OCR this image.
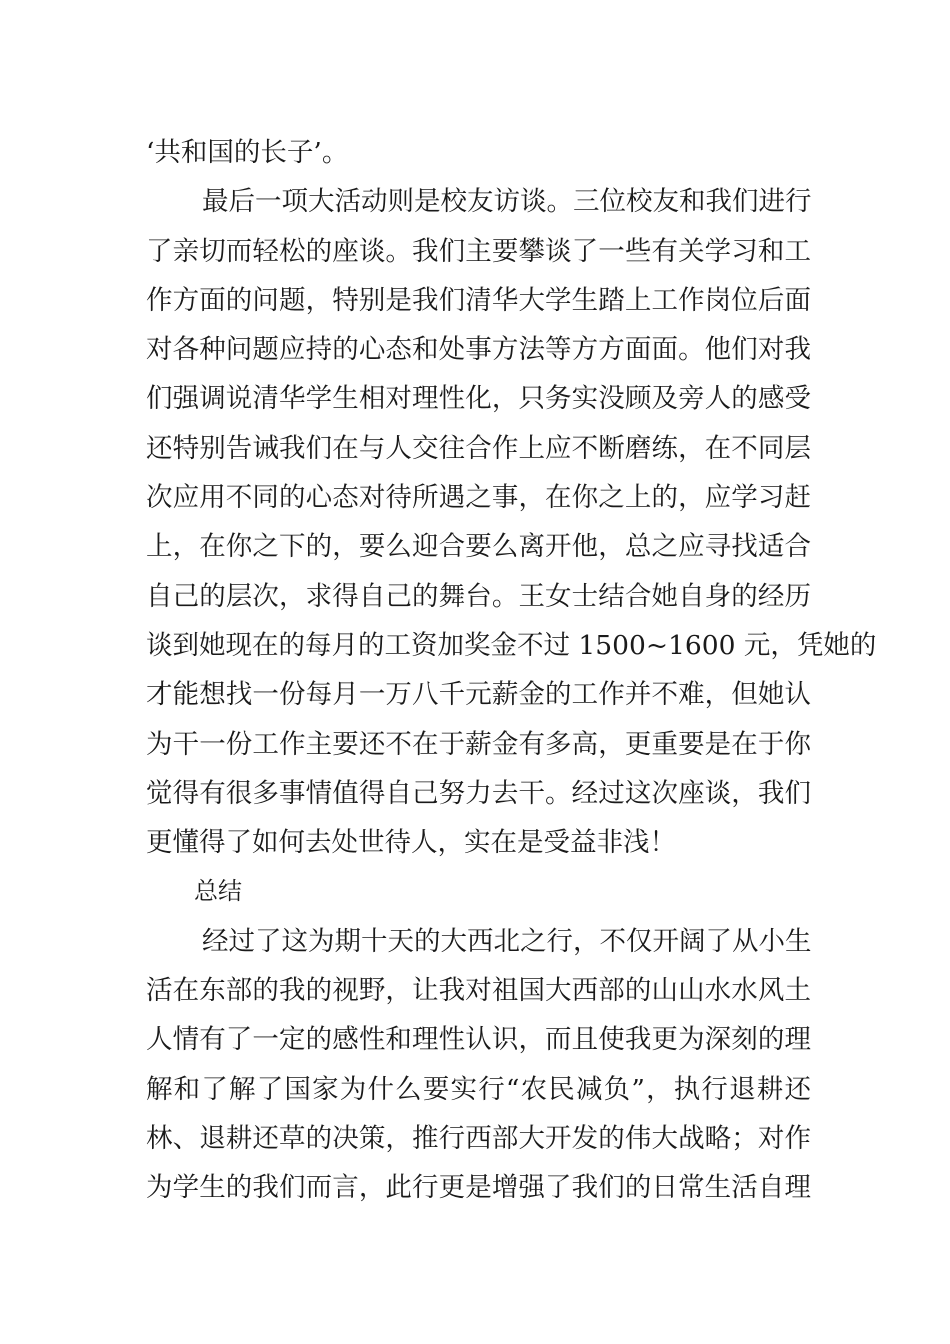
‘共和国的长子’。
最后一项大活动则是校友访谈。三位校友和我们进行
了亲切而轻松的座谈。我们主要攀谈了一些有关学习和工
作方面的问题，特别是我们清华大学生踏上工作岗位后面
对各种问题应持的心态和处事方法等方方面面。他们对我
们强调说清华学生相对理性化，只务实没顾及旁人的感受
还特别告诫我们在与人交往合作上应不断磨练，在不同层
次应用不同的心态对待所遇之事，在你之上的，应学习赶
上，在你之下的，要么迎合要么离开他，总之应寻找适合
自己的层次，求得自己的舞台。王女士结合她自身的经历
谈到她现在的每月的工资加奖金不过 1500~1600 元，凭她的
才能想找一份每月一万八千元薪金的工作并不难，但她认
为干一份工作主要还不在于薪金有多高，更重要是在于你
觉得有很多事情值得自己努力去干。经过这次座谈，我们
更懂得了如何去处世待人，实在是受益非浅！
总结
经过了这为期十天的大西北之行，不仅开阔了从小生
活在东部的我的视野，让我对祖国大西部的山山水水风土
人情有了一定的感性和理性认识，而且使我更为深刻的理
解和了解了国家为什么要实行“农民减负”，执行退耕还
林、退耕还草的决策，推行西部大开发的伟大战略；对作
为学生的我们而言，此行更是增强了我们的日常生活自理
